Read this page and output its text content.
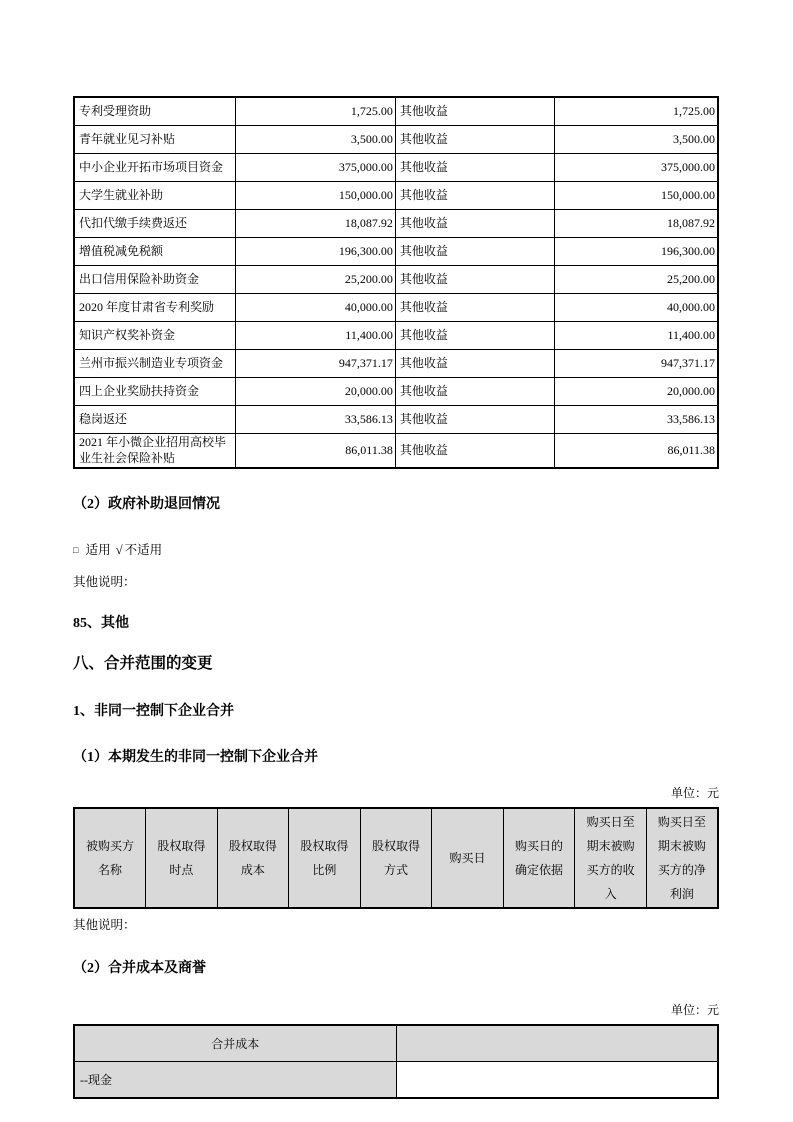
专利受理资助	1,725.00	其他收益	1,725.00
青年就业见习补贴	3,500.00	其他收益	3,500.00
中小企业开拓市场项目资金	375,000.00	其他收益	375,000.00
大学生就业补助	150,000.00	其他收益	150,000.00
代扣代缴手续费返还	18,087.92	其他收益	18,087.92
增值税减免税额	196,300.00	其他收益	196,300.00
出口信用保险补助资金	25,200.00	其他收益	25,200.00
2020 年度甘肃省专利奖励	40,000.00	其他收益	40,000.00
知识产权奖补资金	11,400.00	其他收益	11,400.00
兰州市振兴制造业专项资金	947,371.17	其他收益	947,371.17
四上企业奖励扶持资金	20,000.00	其他收益	20,000.00
稳岗返还	33,586.13	其他收益	33,586.13
2021 年小微企业招用高校毕业生社会保险补贴	86,011.38	其他收益	86,011.38

（2）政府补助退回情况

□ 适用 √ 不适用

其他说明：

85、其他

八、合并范围的变更

1、非同一控制下企业合并

（1）本期发生的非同一控制下企业合并

单位：元

被购买方名称	股权取得时点	股权取得成本	股权取得比例	股权取得方式	购买日	购买日的确定依据	购买日至期末被购买方的收入	购买日至期末被购买方的净利润

其他说明：

（2）合并成本及商誉

单位：元

合并成本	
--现金	
